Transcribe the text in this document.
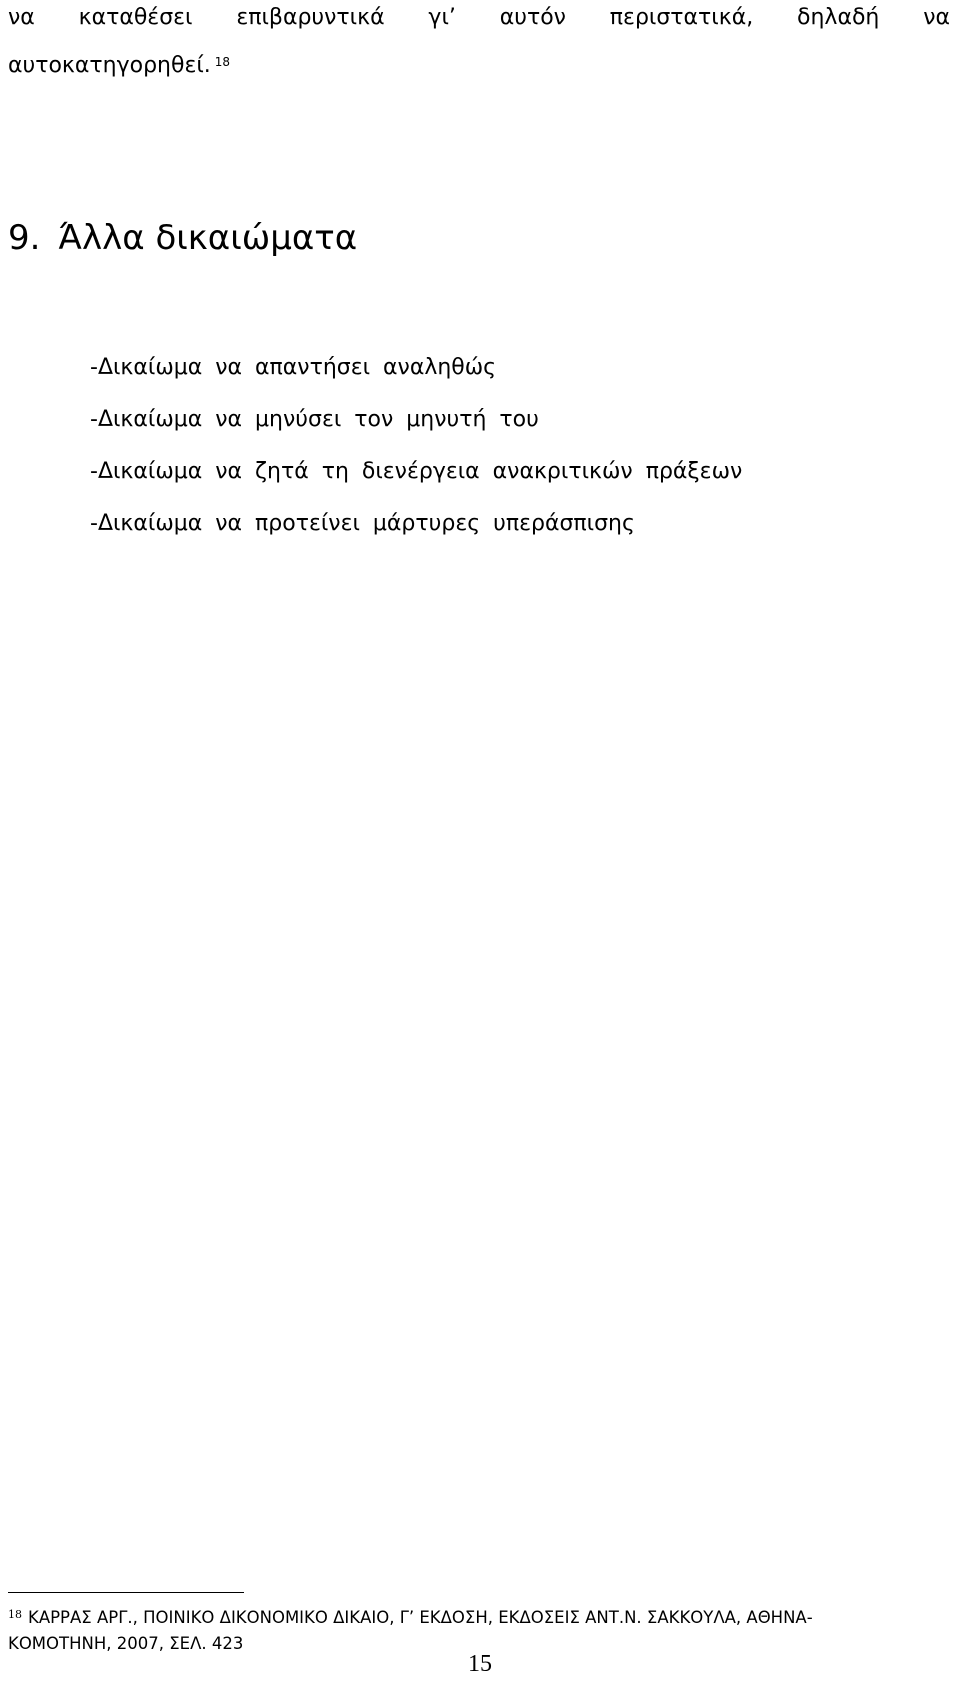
να καταθέσει επιβαρυντικά γι’ αυτόν περιστατικά, δηλαδή να

αυτοκατηγορηθεί. $^{18}$

9. Άλλα δικαιώματα
-Δικαίωμα να απαντήσει αναληθώς
-Δικαίωμα να μηνύσει τον μηνυτή του
-Δικαίωμα να ζητά τη διενέργεια ανακριτικών πράξεων
-Δικαίωμα να προτείνει μάρτυρες υπεράσπισης
$^{18}$ ΚΑΡΡΑΣ ΑΡΓ., ΠΟΙΝΙΚΟ ΔΙΚΟΝΟΜΙΚΟ ΔΙΚΑΙΟ, Γ’ ΕΚΔΟΣΗ, ΕΚΔΟΣΕΙΣ ΑΝΤ.Ν. ΣΑΚΚΟΥΛΑ, ΑΘΗΝΑ-
ΚΟΜΟΤΗΝΗ, 2007, ΣΕΛ. 423
15
